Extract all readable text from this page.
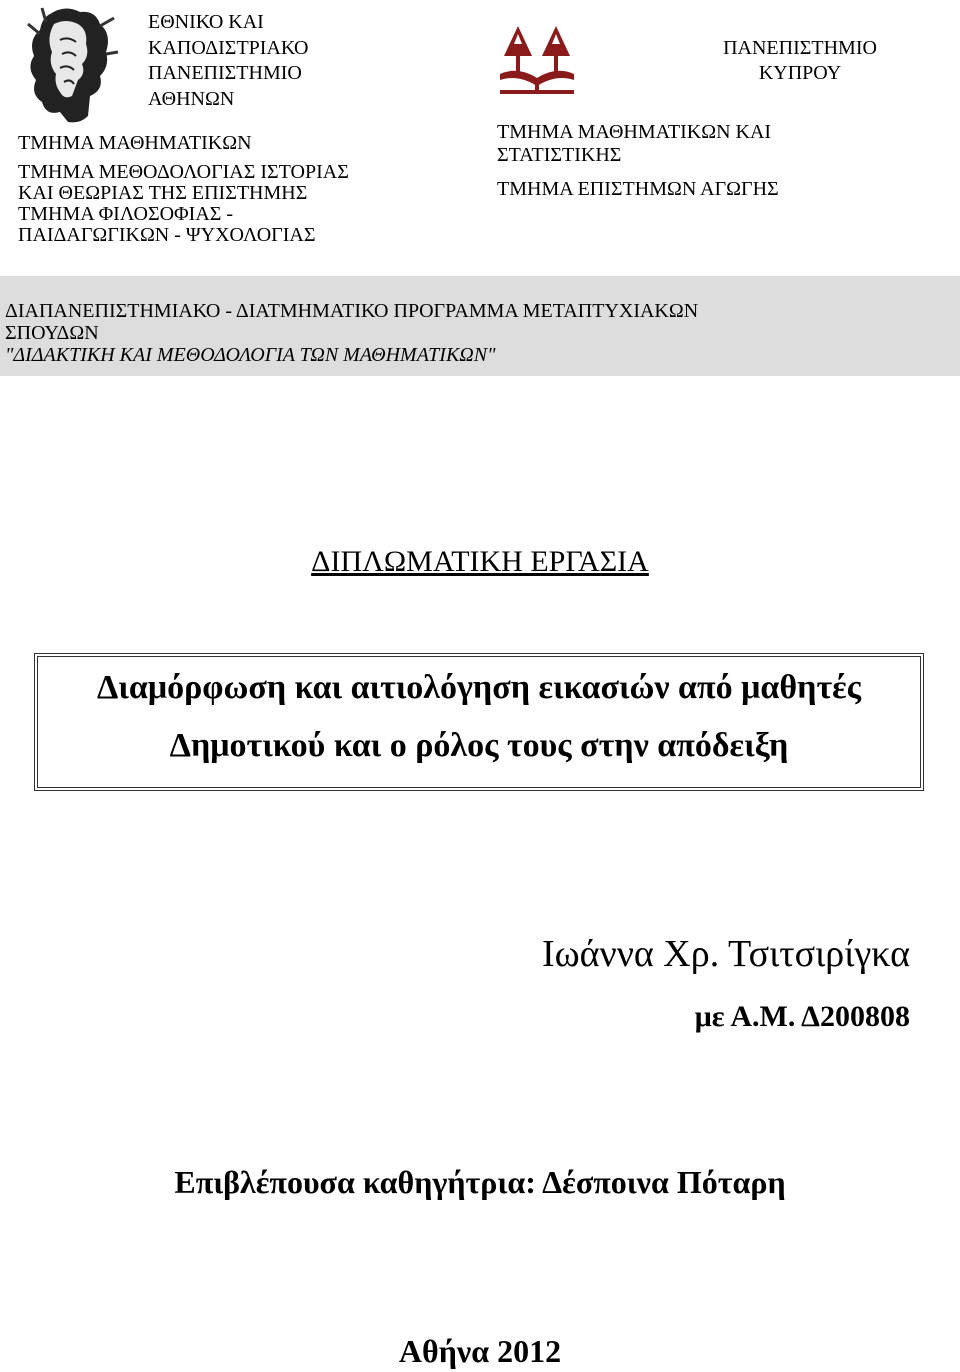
ΕΘΝΙΚΟ ΚΑΙ
ΚΑΠΟΔΙΣΤΡΙΑΚΟ
ΠΑΝΕΠΙΣΤΗΜΙΟ
ΑΘΗΝΩΝ
ΤΜΗΜΑ ΜΑΘΗΜΑΤΙΚΩΝ
ΤΜΗΜΑ ΜΕΘΟΔΟΛΟΓΙΑΣ ΙΣΤΟΡΙΑΣ
ΚΑΙ ΘΕΩΡΙΑΣ ΤΗΣ ΕΠΙΣΤΗΜΗΣ
ΤΜΗΜΑ ΦΙΛΟΣΟΦΙΑΣ -
ΠΑΙΔΑΓΩΓΙΚΩΝ - ΨΥΧΟΛΟΓΙΑΣ
ΠΑΝΕΠΙΣΤΗΜΙΟ
ΚΥΠΡΟΥ
ΤΜΗΜΑ ΜΑΘΗΜΑΤΙΚΩΝ ΚΑΙ
ΣΤΑΤΙΣΤΙΚΗΣ
ΤΜΗΜΑ ΕΠΙΣΤΗΜΩΝ ΑΓΩΓΗΣ
ΔΙΑΠΑΝΕΠΙΣΤΗΜΙΑΚΟ - ΔΙΑΤΜΗΜΑΤΙΚΟ ΠΡΟΓΡΑΜΜΑ ΜΕΤΑΠΤΥΧΙΑΚΩΝ
ΣΠΟΥΔΩΝ
"ΔΙΔΑΚΤΙΚΗ ΚΑΙ ΜΕΘΟΔΟΛΟΓΙΑ ΤΩΝ ΜΑΘΗΜΑΤΙΚΩΝ"
ΔΙΠΛΩΜΑΤΙΚΗ ΕΡΓΑΣΙΑ
Διαμόρφωση και αιτιολόγηση εικασιών από μαθητές
Δημοτικού και ο ρόλος τους στην απόδειξη
Ιωάννα Χρ. Τσιτσιρίγκα
με Α.Μ. Δ200808
Επιβλέπουσα καθηγήτρια: Δέσποινα Πόταρη
Αθήνα 2012
